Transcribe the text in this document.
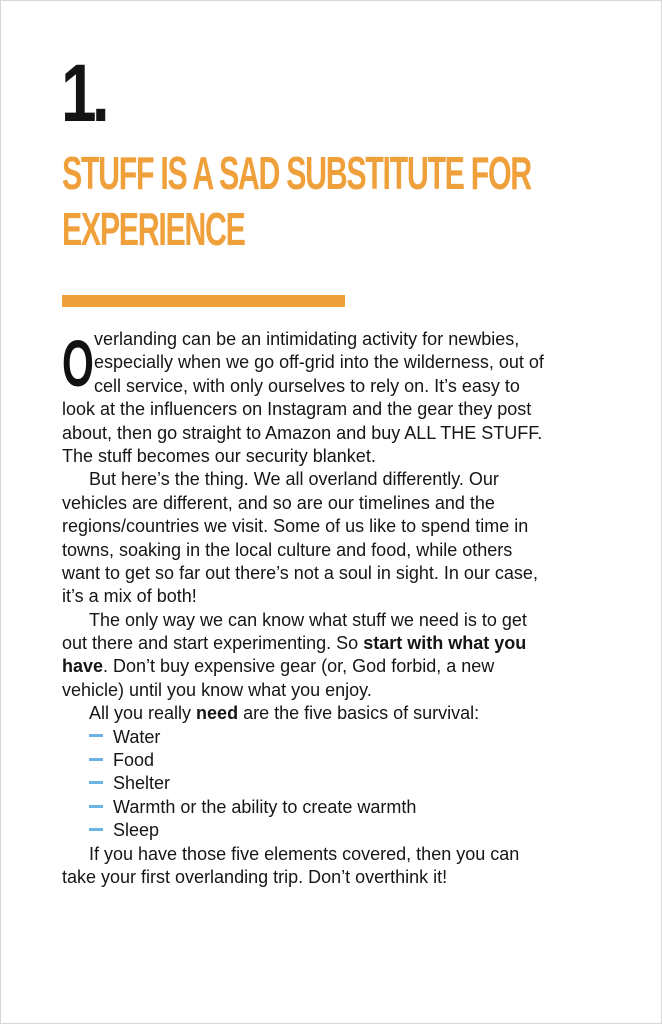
1.
STUFF IS A SAD SUBSTITUTE FOR
EXPERIENCE
O verlanding can be an intimidating activity for newbies,
especially when we go off-grid into the wilderness, out of
cell service, with only ourselves to rely on. It’s easy to
look at the influencers on Instagram and the gear they post
about, then go straight to Amazon and buy ALL THE STUFF.
The stuff becomes our security blanket.
But here’s the thing. We all overland differently. Our
vehicles are different, and so are our timelines and the
regions/countries we visit. Some of us like to spend time in
towns, soaking in the local culture and food, while others
want to get so far out there’s not a soul in sight. In our case,
it’s a mix of both!
The only way we can know what stuff we need is to get
out there and start experimenting. So start with what you
have. Don’t buy expensive gear (or, God forbid, a new
vehicle) until you know what you enjoy.
All you really need are the five basics of survival:
Water
Food
Shelter
Warmth or the ability to create warmth
Sleep
If you have those five elements covered, then you can
take your first overlanding trip. Don’t overthink it!
